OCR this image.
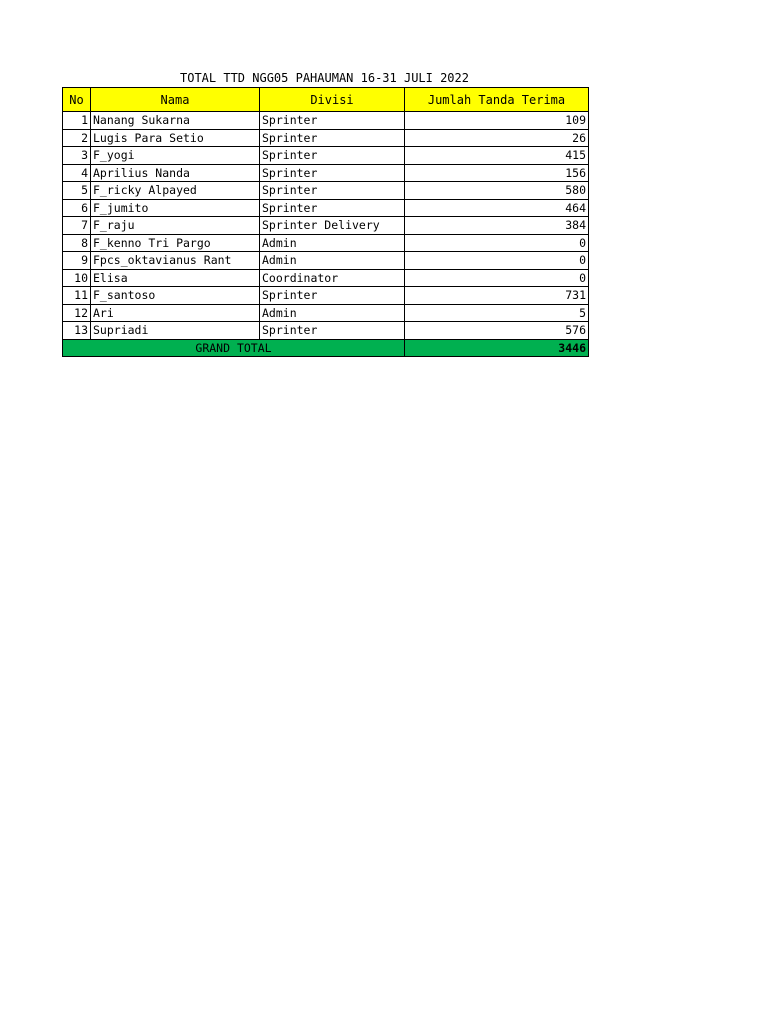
TOTAL TTD NGG05 PAHAUMAN 16-31 JULI 2022
No	Nama	Divisi	Jumlah Tanda Terima
1	Nanang Sukarna	Sprinter	109
2	Lugis Para Setio	Sprinter	26
3	F_yogi	Sprinter	415
4	Aprilius Nanda	Sprinter	156
5	F_ricky Alpayed	Sprinter	580
6	F_jumito	Sprinter	464
7	F_raju	Sprinter Delivery	384
8	F_kenno Tri Pargo	Admin	0
9	Fpcs_oktavianus Rant	Admin	0
10	Elisa	Coordinator	0
11	F_santoso	Sprinter	731
12	Ari	Admin	5
13	Supriadi	Sprinter	576
GRAND TOTAL			3446
